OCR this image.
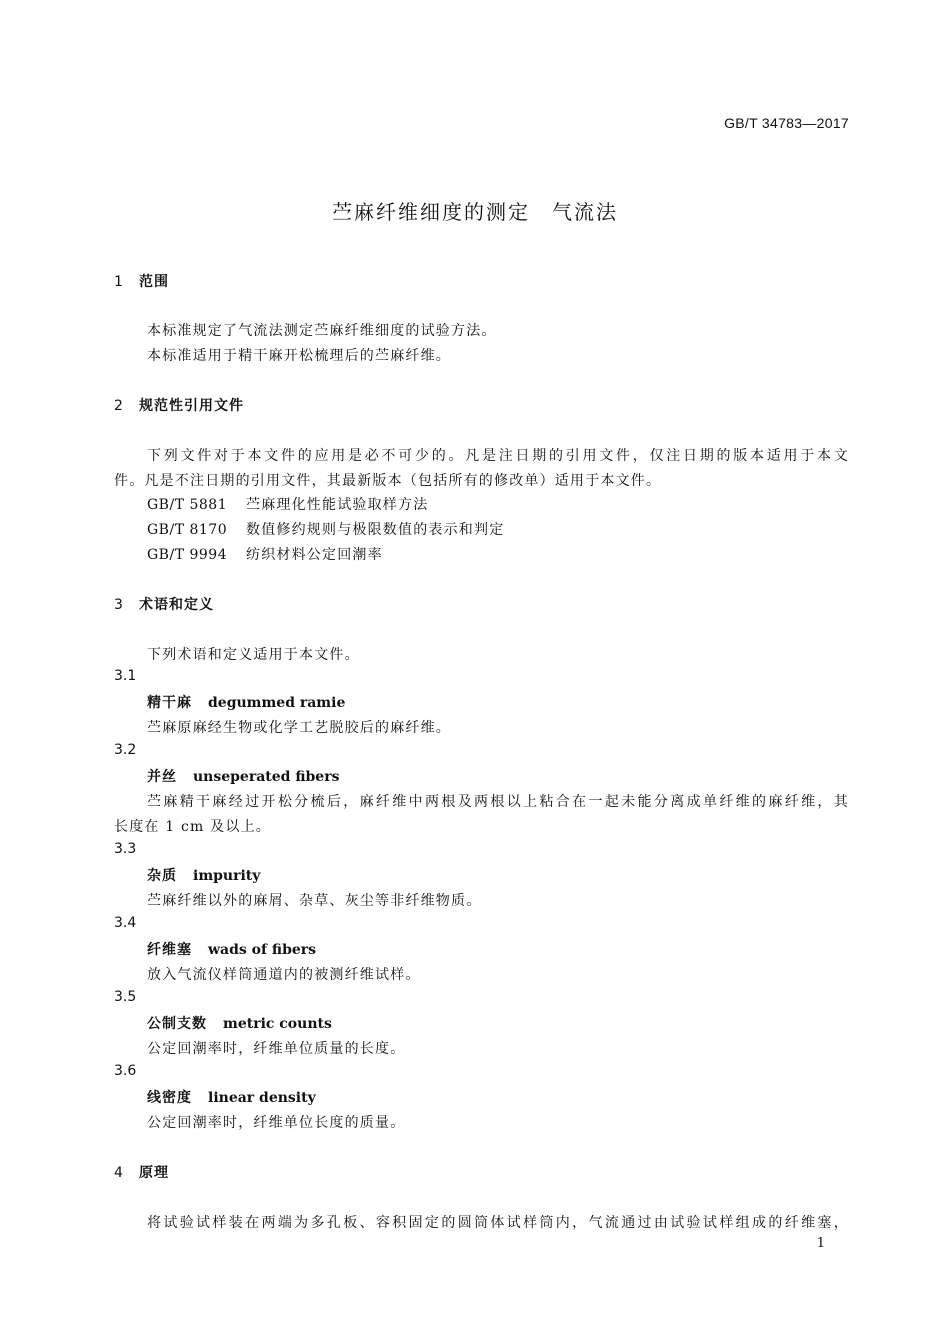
GB/T 34783—2017
苎麻纤维细度的测定　气流法
1 范围
本标准规定了气流法测定苎麻纤维细度的试验方法。
本标准适用于精干麻开松梳理后的苎麻纤维。
2 规范性引用文件
下列文件对于本文件的应用是必不可少的。凡是注日期的引用文件，仅注日期的版本适用于本文
件。凡是不注日期的引用文件，其最新版本（包括所有的修改单）适用于本文件。
GB/T 5881 苎麻理化性能试验取样方法
GB/T 8170 数值修约规则与极限数值的表示和判定
GB/T 9994 纺织材料公定回潮率
3 术语和定义
下列术语和定义适用于本文件。
3.1
精干麻 degummed ramie
苎麻原麻经生物或化学工艺脱胶后的麻纤维。
3.2
并丝 unseperated fibers
苎麻精干麻经过开松分梳后，麻纤维中两根及两根以上粘合在一起未能分离成单纤维的麻纤维，其
长度在 1 cm 及以上。
3.3
杂质 impurity
苎麻纤维以外的麻屑、杂草、灰尘等非纤维物质。
3.4
纤维塞 wads of fibers
放入气流仪样筒通道内的被测纤维试样。
3.5
公制支数 metric counts
公定回潮率时，纤维单位质量的长度。
3.6
线密度 linear density
公定回潮率时，纤维单位长度的质量。
4 原理
将试验试样装在两端为多孔板、容积固定的圆筒体试样筒内，气流通过由试验试样组成的纤维塞，
1
